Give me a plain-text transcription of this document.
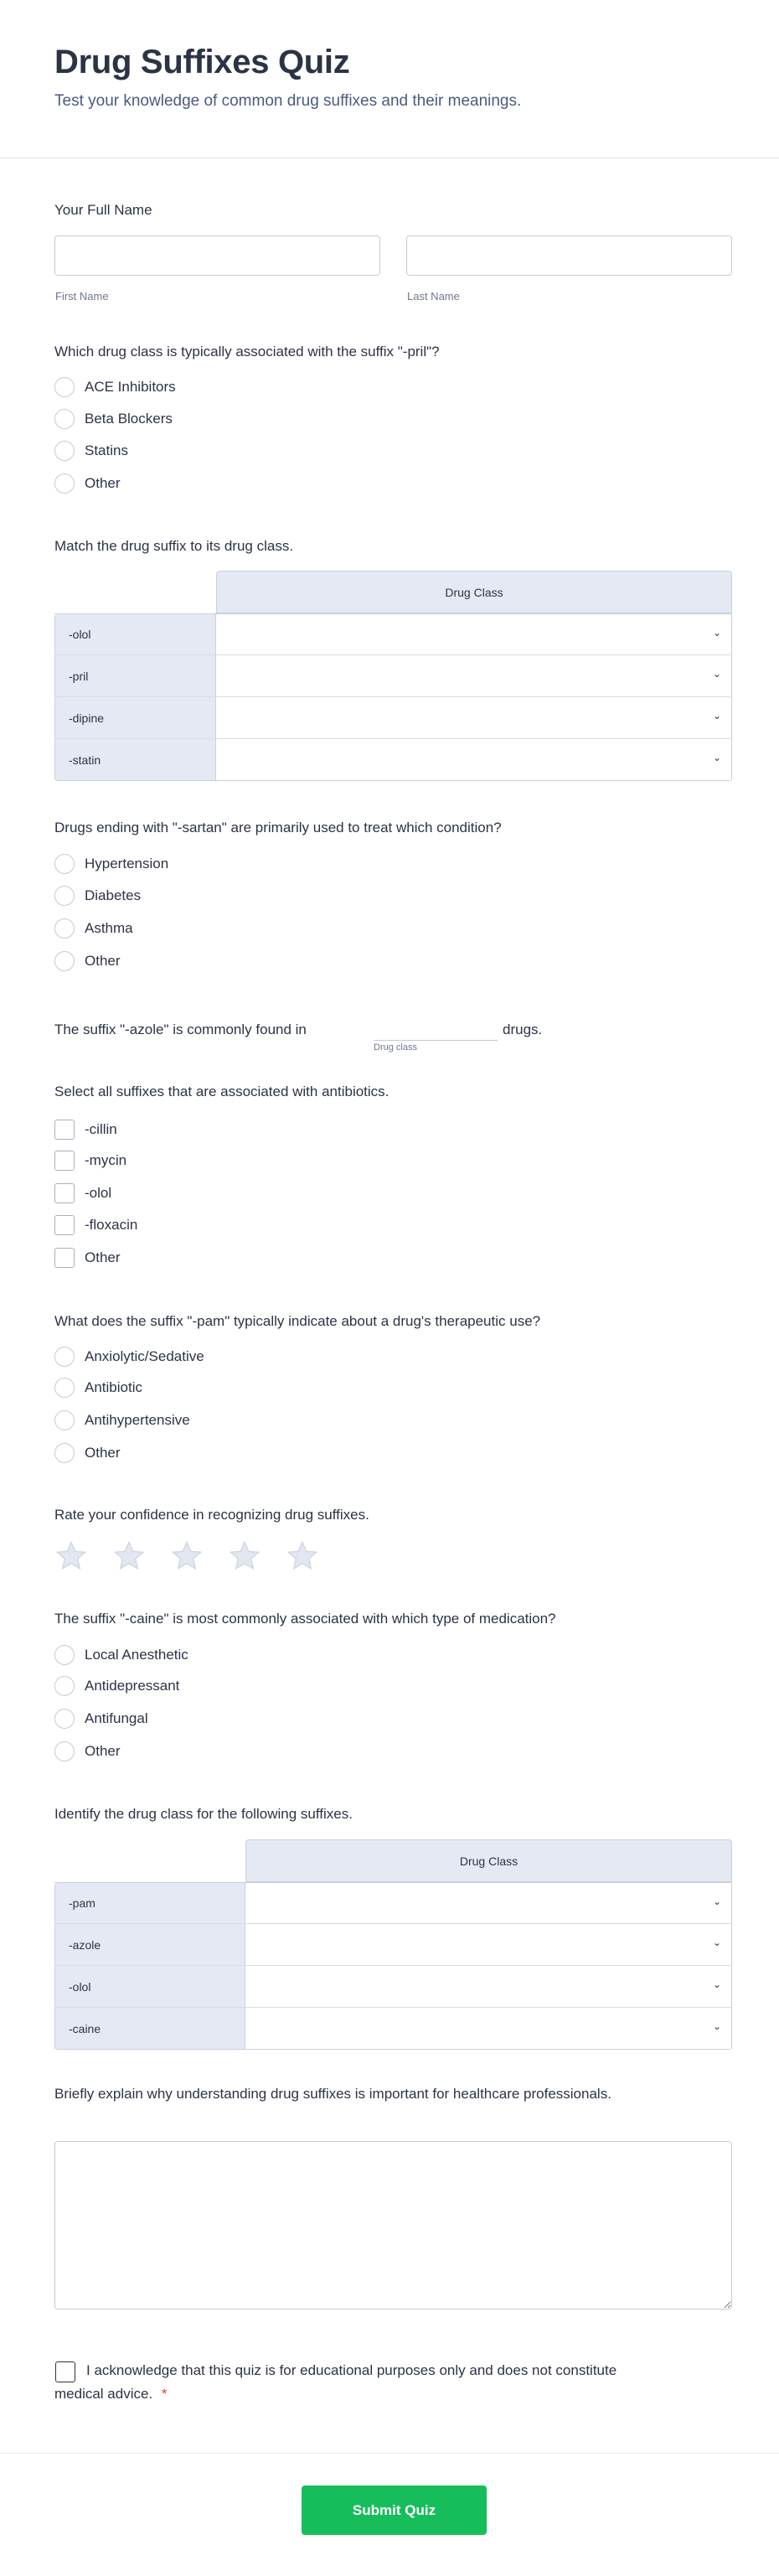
Drug Suffixes Quiz
Test your knowledge of common drug suffixes and their meanings.
Your Full Name
First Name	Last Name
Which drug class is typically associated with the suffix "-pril"?
Match the drug suffix to its drug class.
Drug Class
-olol	⌄
-pril	⌄
-dipine	⌄
-statin	⌄
Drugs ending with "-sartan" are primarily used to treat which condition?
The suffix "-azole" is commonly found in
Drug class
drugs.
Select all suffixes that are associated with antibiotics.
What does the suffix "-pam" typically indicate about a drug's therapeutic use?
Rate your confidence in recognizing drug suffixes.
The suffix "-caine" is most commonly associated with which type of medication?
Identify the drug class for the following suffixes.
Drug Class
-pam	⌄
-azole	⌄
-olol	⌄
-caine	⌄
Briefly explain why understanding drug suffixes is important for healthcare professionals.
I acknowledge that this quiz is for educational purposes only and does not constitute medical advice. *
Submit Quiz
ACE Inhibitors
Beta Blockers
Statins
Other
Hypertension
Diabetes
Asthma
Other
-cillin
-mycin
-olol
-floxacin
Other
Anxiolytic/Sedative
Antibiotic
Antihypertensive
Other
Local Anesthetic
Antidepressant
Antifungal
Other
